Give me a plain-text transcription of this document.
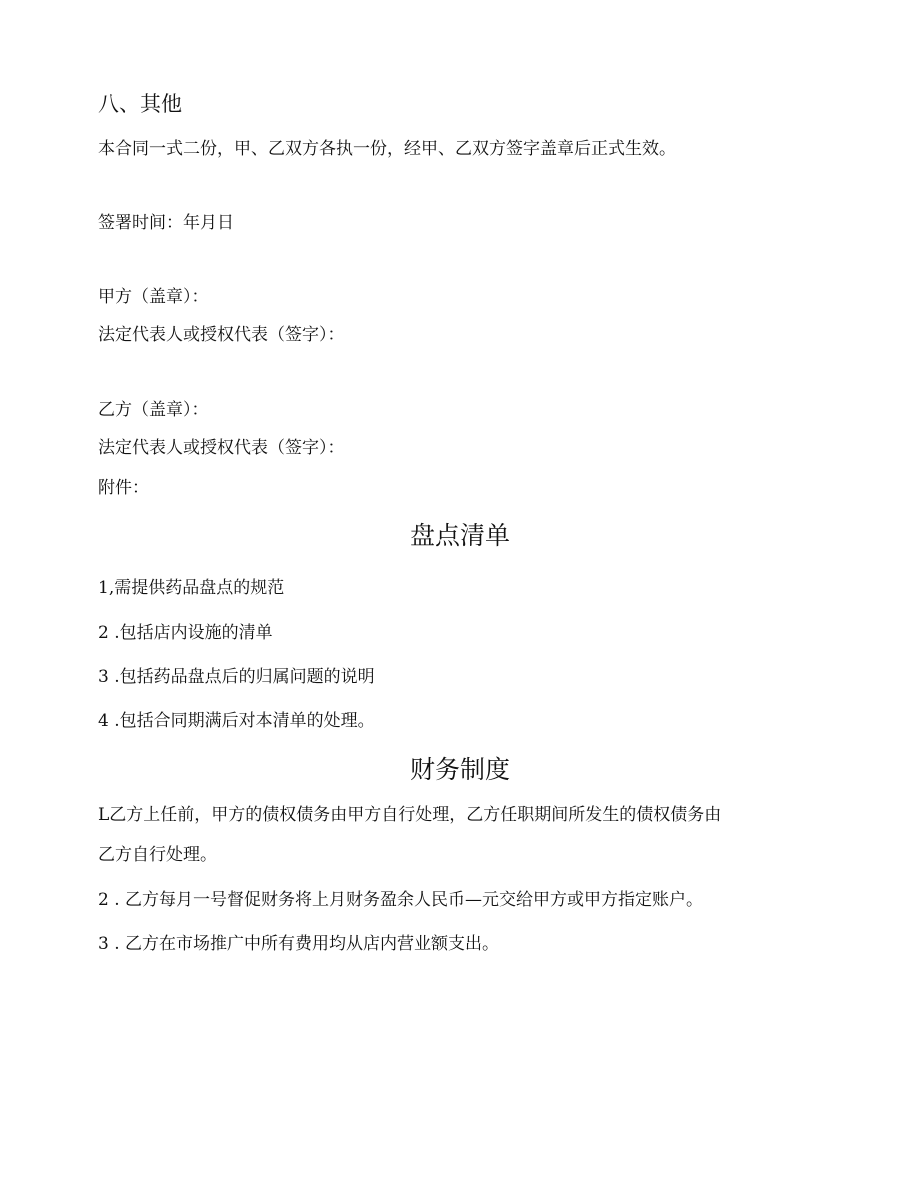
八、其他
本合同一式二份，甲、乙双方各执一份，经甲、乙双方签字盖章后正式生效。
签署时间：年月日
甲方（盖章）：
法定代表人或授权代表（签字）：
乙方（盖章）：
法定代表人或授权代表（签字）：
附件：
盘点清单
1,需提供药品盘点的规范
2 .包括店内设施的清单
3 .包括药品盘点后的归属问题的说明
4 .包括合同期满后对本清单的处理。
财务制度
L乙方上任前，甲方的债权债务由甲方自行处理，乙方任职期间所发生的债权债务由
乙方自行处理。
2 . 乙方每月一号督促财务将上月财务盈余人民币—元交给甲方或甲方指定账户。
3 . 乙方在市场推广中所有费用均从店内营业额支出。
